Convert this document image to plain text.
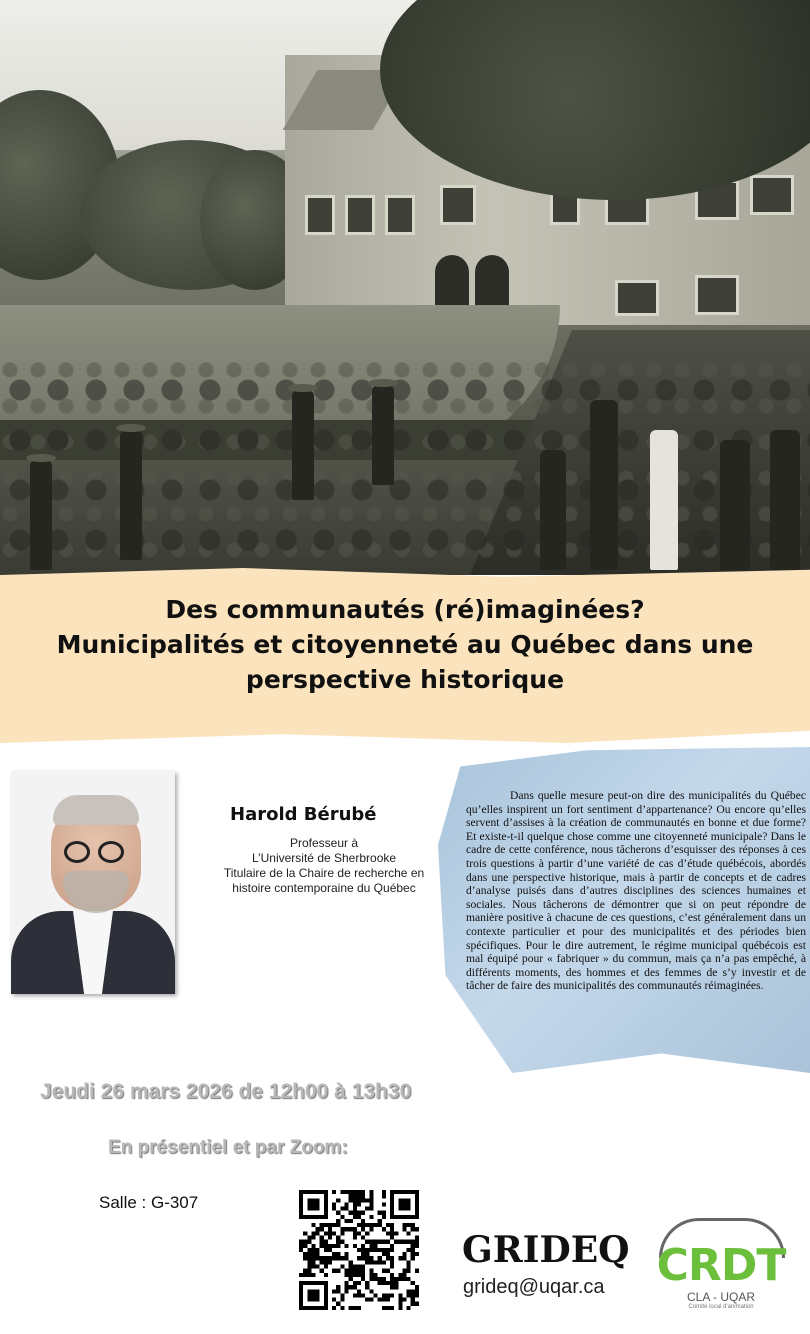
Des communautés (ré)imaginées?
Municipalités et citoyenneté au Québec dans une
perspective historique
Harold Bérubé
Professeur à
L’Université de Sherbrooke
Titulaire de la Chaire de recherche en
histoire contemporaine du Québec

Dans quelle mesure peut-on dire des municipalités du Québec qu’elles inspirent un fort sentiment d’appartenance? Ou encore qu’elles servent d’assises à la création de communautés en bonne et due forme? Et existe-t-il quelque chose comme une citoyenneté municipale? Dans le cadre de cette conférence, nous tâcherons d’esquisser des réponses à ces trois questions à partir d’une variété de cas d’étude québécois, abordés dans une perspective historique, mais à partir de concepts et de cadres d’analyse puisés dans d’autres disciplines des sciences humaines et sociales. Nous tâcherons de démontrer que si on peut répondre de manière positive à chacune de ces questions, c’est généralement dans un contexte particulier et pour des municipalités et des périodes bien spécifiques. Pour le dire autrement, le régime municipal québécois est mal équipé pour « fabriquer » du commun, mais ça n’a pas empêché, à différents moments, des hommes et des femmes de s’y investir et de tâcher de faire des municipalités des communautés réimaginées.

Jeudi 26 mars 2026 de 12h00 à 13h30
En présentiel et par Zoom:
Salle : G-307
GRIDEQ
grideq@uqar.ca CRDT
CLA - UQAR
Comité local d'animation
